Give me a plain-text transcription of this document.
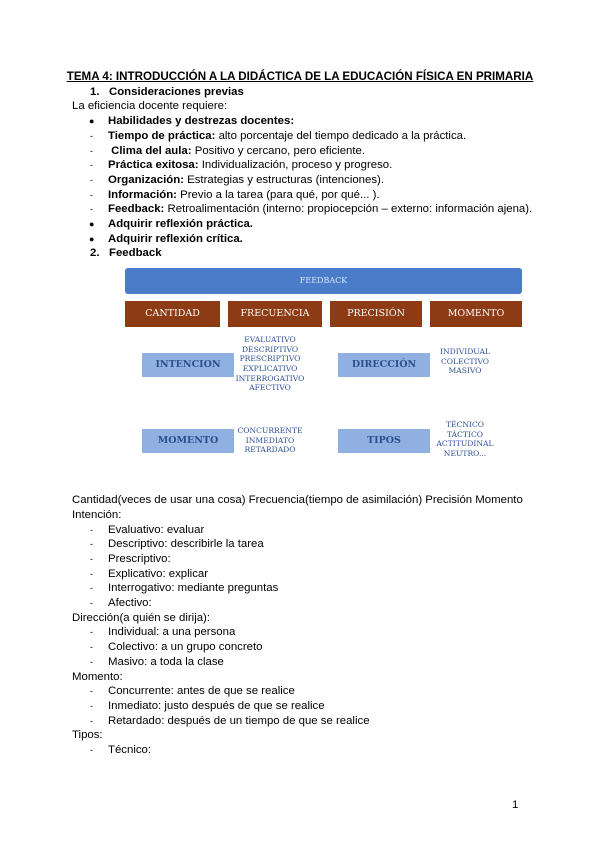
TEMA 4: INTRODUCCIÓN A LA DIDÁCTICA DE LA EDUCACIÓN FÍSICA EN PRIMARIA
1. Consideraciones previas
La eficiencia docente requiere:
● Habilidades y destrezas docentes:
- Tiempo de práctica: alto porcentaje del tiempo dedicado a la práctica.
- Clima del aula: Positivo y cercano, pero eficiente.
- Práctica exitosa: Individualización, proceso y progreso.
- Organización: Estrategias y estructuras (intenciones).
- Información: Previo a la tarea (para qué, por qué... ).
- Feedback: Retroalimentación (interno: propiocepción – externo: información ajena).
● Adquirir reflexión práctica.
● Adquirir reflexión crítica.
2. Feedback
FEEDBACK
CANTIDAD	FRECUENCIA	PRECISIÓN	MOMENTO
INTENCION
EVALUATIVO
DESCRIPTIVO
PRESCRIPTIVO
EXPLICATIVO
INTERROGATIVO
AFECTIVO
DIRECCIÓN
INDIVIDUAL
COLECTIVO
MASIVO
MOMENTO
CONCURRENTE
INMEDIATO
RETARDADO
TIPOS
TÉCNICO
TÁCTICO
ACTITUDINAL
NEUTRO...
Cantidad(veces de usar una cosa) Frecuencia(tiempo de asimilación) Precisión Momento
Intención:
- Evaluativo: evaluar
- Descriptivo: describirle la tarea
- Prescriptivo:
- Explicativo: explicar
- Interrogativo: mediante preguntas
- Afectivo:
Dirección(a quién se dirija):
- Individual: a una persona
- Colectivo: a un grupo concreto
- Masivo: a toda la clase
Momento:
- Concurrente: antes de que se realice
- Inmediato: justo después de que se realice
- Retardado: después de un tiempo de que se realice
Tipos:
- Técnico:
1
